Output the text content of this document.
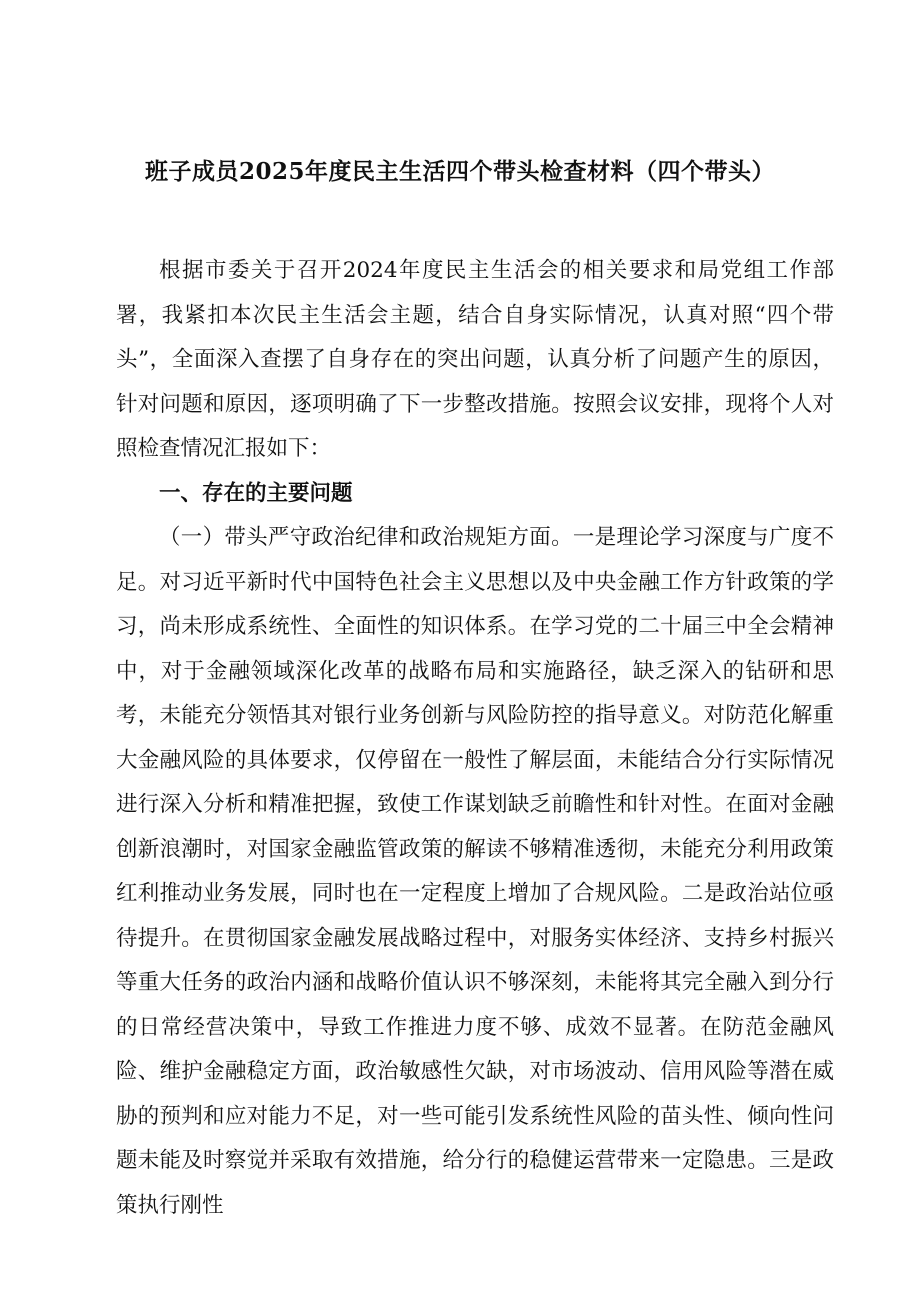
班子成员2025年度民主生活四个带头检查材料（四个带头）

根据市委关于召开2024年度民主生活会的相关要求和局党组工作部署，我紧扣本次民主生活会主题，结合自身实际情况，认真对照“四个带头”，全面深入查摆了自身存在的突出问题，认真分析了问题产生的原因，针对问题和原因，逐项明确了下一步整改措施。按照会议安排，现将个人对照检查情况汇报如下：

一、存在的主要问题

（一）带头严守政治纪律和政治规矩方面。一是理论学习深度与广度不足。对习近平新时代中国特色社会主义思想以及中央金融工作方针政策的学习，尚未形成系统性、全面性的知识体系。在学习党的二十届三中全会精神中，对于金融领域深化改革的战略布局和实施路径，缺乏深入的钻研和思考，未能充分领悟其对银行业务创新与风险防控的指导意义。对防范化解重大金融风险的具体要求，仅停留在一般性了解层面，未能结合分行实际情况进行深入分析和精准把握，致使工作谋划缺乏前瞻性和针对性。在面对金融创新浪潮时，对国家金融监管政策的解读不够精准透彻，未能充分利用政策红利推动业务发展，同时也在一定程度上增加了合规风险。二是政治站位亟待提升。在贯彻国家金融发展战略过程中，对服务实体经济、支持乡村振兴等重大任务的政治内涵和战略价值认识不够深刻，未能将其完全融入到分行的日常经营决策中，导致工作推进力度不够、成效不显著。在防范金融风险、维护金融稳定方面，政治敏感性欠缺，对市场波动、信用风险等潜在威胁的预判和应对能力不足，对一些可能引发系统性风险的苗头性、倾向性问题未能及时察觉并采取有效措施，给分行的稳健运营带来一定隐患。三是政策执行刚性
